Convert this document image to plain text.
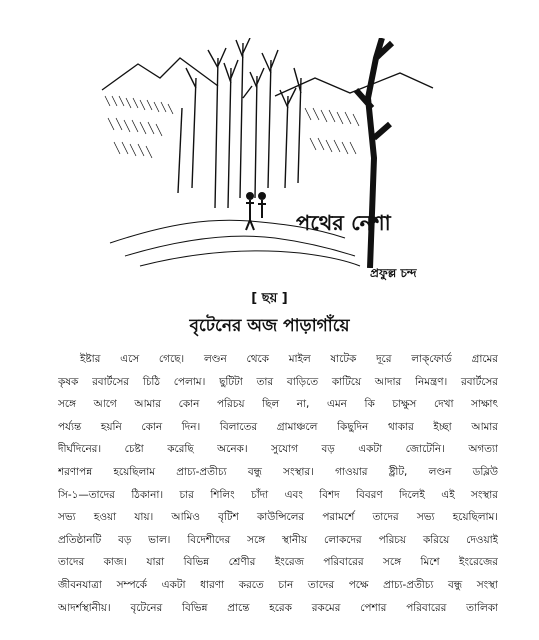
পথের নেশা
প্রফুল্ল চন্দ
[ ছয় ]
বৃটেনের অজ পাড়াগাঁয়ে
ইষ্টার এসে গেছে। লণ্ডন থেকে মাইল ষাটেক দূরে লাক্‌ফোর্ড গ্রামের
কৃষক রবার্টসের চিঠি পেলাম। ছুটিটা তার বাড়িতে কাটিয়ে আদার নিমন্ত্রণ। রবার্টসের
সঙ্গে আগে আমার কোন পরিচয় ছিল না, এমন কি চাক্ষুস দেখা সাক্ষাৎ
পর্য্যন্ত হয়নি কোন দিন। বিলাতের গ্রামাঞ্চলে কিছুদিন থাকার ইচ্ছা আমার
দীর্ঘদিনের। চেষ্টা করেছি অনেক। সুযোগ বড় একটা জোটেনি। অগত্যা
শরণাপন্ন হয়েছিলাম প্রাচ্য-প্রতীচ্য বন্ধু সংস্থার। গাওয়ার ষ্ট্রীট, লণ্ডন ডব্লিউ
সি-১—তাদের ঠিকানা। চার শিলিং চাঁদা এবং বিশদ বিবরণ দিলেই এই সংস্থার
সভ্য হওয়া যায়। আমিও বৃটিশ কাউন্সিলের পরামর্শে তাদের সভ্য হয়েছিলাম।
প্রতিষ্ঠানটি বড় ভাল। বিদেশীদের সঙ্গে স্থানীয় লোকদের পরিচয় করিয়ে দেওয়াই
তাদের কাজ। যারা বিভিন্ন শ্রেণীর ইংরেজ পরিবারের সঙ্গে মিশে ইংরেজের
জীবনযাত্রা সম্পর্কে একটা ধারণা করতে চান তাদের পক্ষে প্রাচ্য-প্রতীচ্য বন্ধু সংস্থা
আদর্শস্থানীয়। বৃটেনের বিভিন্ন প্রান্তে হরেক রকমের পেশার পরিবারের তালিকা
